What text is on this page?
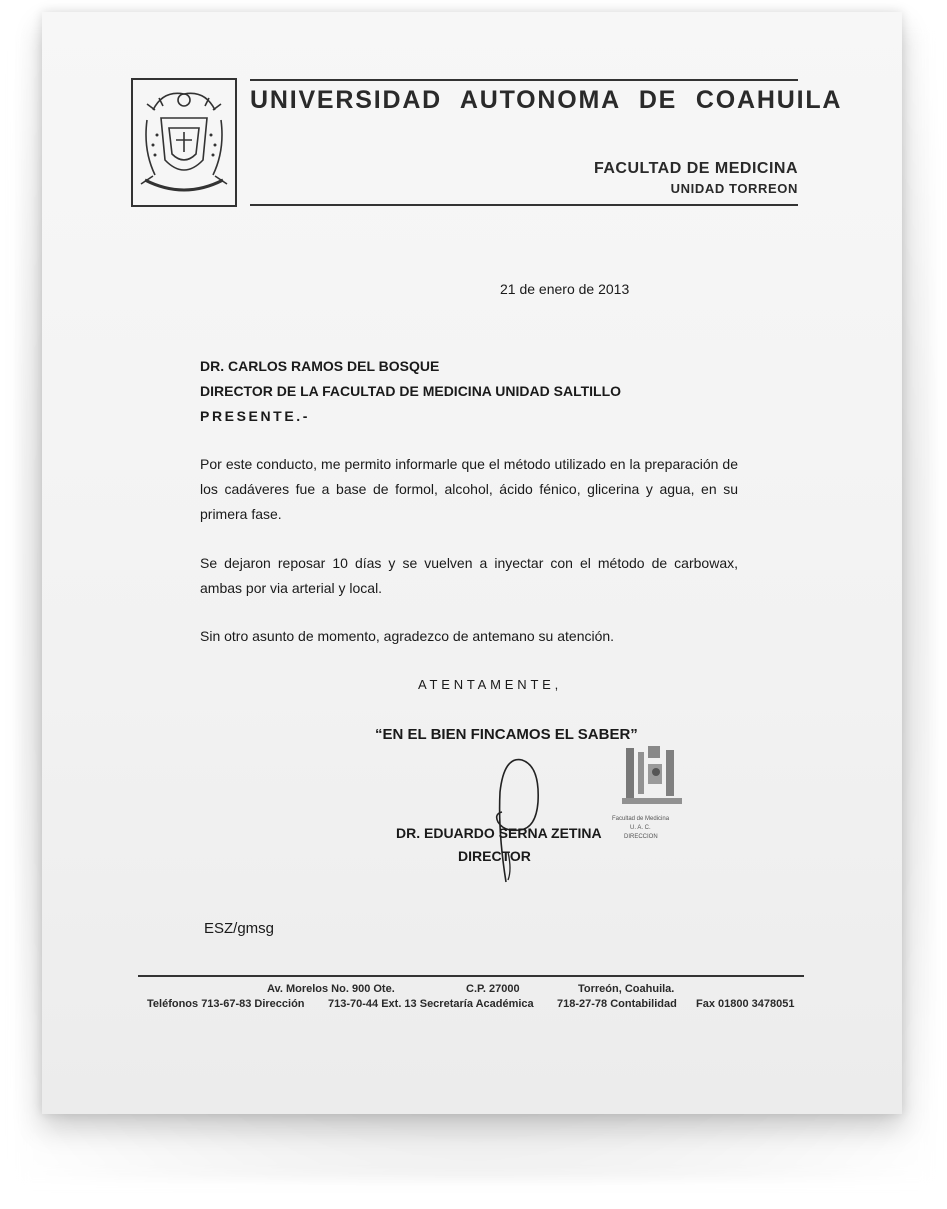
UNIVERSIDAD AUTONOMA DE COAHUILA
FACULTAD DE MEDICINA
UNIDAD TORREON
21 de enero de 2013
DR. CARLOS RAMOS DEL BOSQUE
DIRECTOR DE LA FACULTAD DE MEDICINA UNIDAD SALTILLO
PRESENTE.-
Por este conducto, me permito informarle que el método utilizado en la preparación de los cadáveres fue a base de formol, alcohol, ácido fénico, glicerina y agua, en su primera fase.
Se dejaron reposar 10 días y se vuelven a inyectar con el método de carbowax, ambas por via arterial y local.
Sin otro asunto de momento, agradezco de antemano su atención.
ATENTAMENTE,
“EN EL BIEN FINCAMOS EL SABER”
Facultad de Medicina
U. A. C.
DIRECCION
DR. EDUARDO SERNA ZETINA
DIRECTOR
ESZ/gmsg
Av. Morelos No. 900 Ote.	C.P. 27000	Torreón, Coahuila.
Teléfonos 713-67-83 Dirección 713-70-44 Ext. 13 Secretaría Académica 718-27-78 Contabilidad Fax 01800 3478051
